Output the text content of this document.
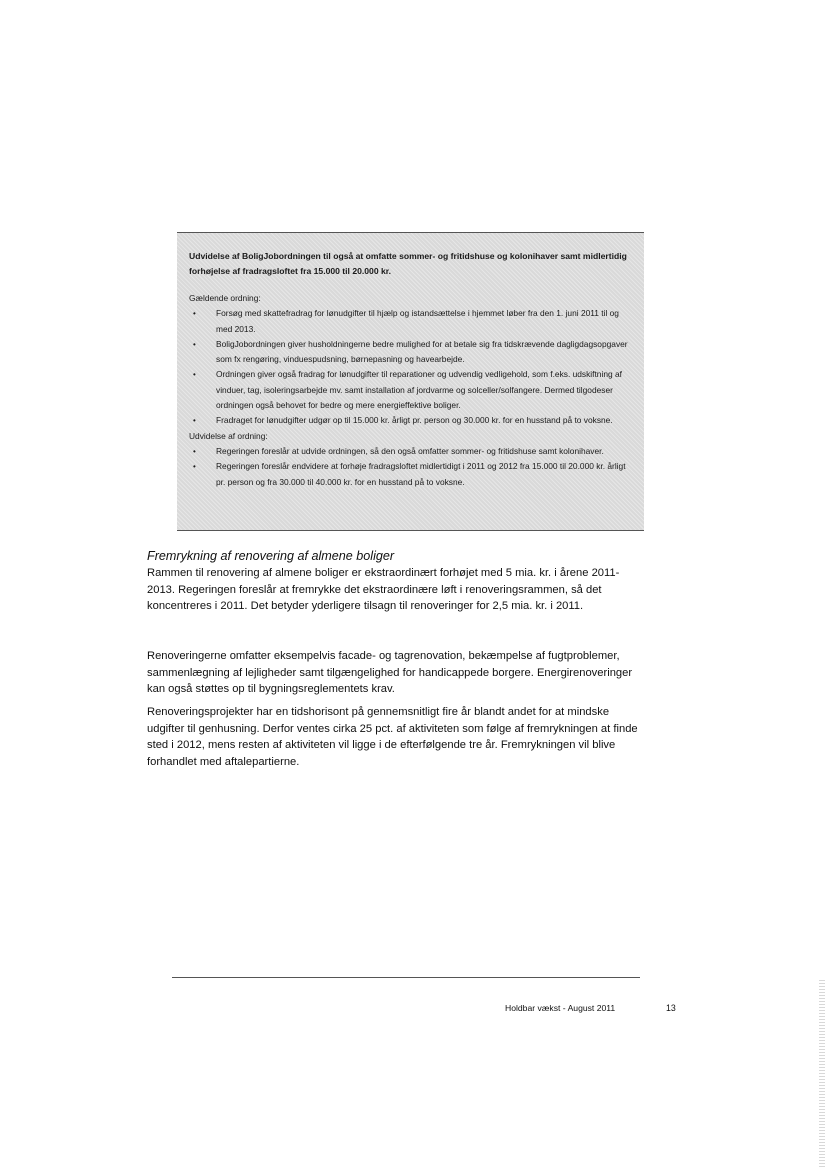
Udvidelse af BoligJobordningen til også at omfatte sommer- og fritidshuse og kolonihaver samt midlertidig forhøjelse af fradragsloftet fra 15.000 til 20.000 kr.

Gældende ordning:

• Forsøg med skattefradrag for lønudgifter til hjælp og istandsættelse i hjemmet løber fra den 1. juni 2011 til og med 2013.
• BoligJobordningen giver husholdningerne bedre mulighed for at betale sig fra tidskrævende dagligdagsopgaver som fx rengøring, vinduespudsning, børnepasning og havearbejde.
• Ordningen giver også fradrag for lønudgifter til reparationer og udvendig vedligehold, som f.eks. udskiftning af vinduer, tag, isoleringsarbejde mv. samt installation af jordvarme og solceller/solfangere. Dermed tilgodeser ordningen også behovet for bedre og mere energieffektive boliger.
• Fradraget for lønudgifter udgør op til 15.000 kr. årligt pr. person og 30.000 kr. for en husstand på to voksne.

Udvidelse af ordning:

• Regeringen foreslår at udvide ordningen, så den også omfatter sommer- og fritidshuse samt kolonihaver.
• Regeringen foreslår endvidere at forhøje fradragsloftet midlertidigt i 2011 og 2012 fra 15.000 til 20.000 kr. årligt pr. person og fra 30.000 til 40.000 kr. for en husstand på to voksne.
Fremrykning af renovering af almene boliger

Rammen til renovering af almene boliger er ekstraordinært forhøjet med 5 mia. kr. i årene 2011-2013. Regeringen foreslår at fremrykke det ekstraordinære løft i renoveringsrammen, så det koncentreres i 2011. Det betyder yderligere tilsagn til renoveringer for 2,5 mia. kr. i 2011.

Renoveringerne omfatter eksempelvis facade- og tagrenovation, bekæmpelse af fugtproblemer, sammenlægning af lejligheder samt tilgængelighed for handicappede borgere. Energirenoveringer kan også støttes op til bygningsreglementets krav.

Renoveringsprojekter har en tidshorisont på gennemsnitligt fire år blandt andet for at mindske udgifter til genhusning. Derfor ventes cirka 25 pct. af aktiviteten som følge af fremrykningen at finde sted i 2012, mens resten af aktiviteten vil ligge i de efterfølgende tre år. Fremrykningen vil blive forhandlet med aftalepartierne.

Holdbar vækst - August 2011	13
